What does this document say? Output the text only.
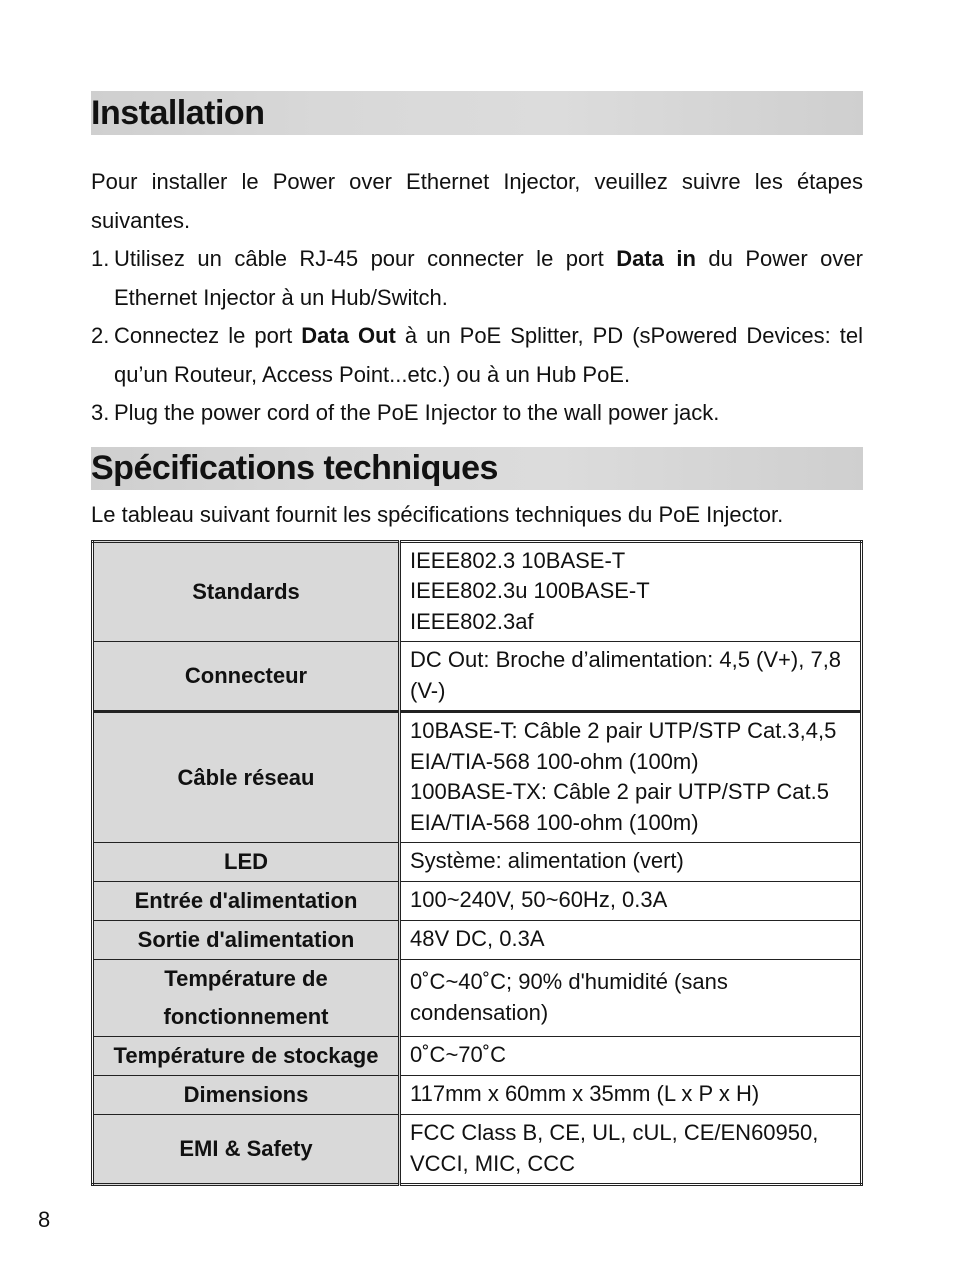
Installation

Pour installer le Power over Ethernet Injector, veuillez suivre les étapes suivantes.

1. Utilisez un câble RJ-45 pour connecter le port Data in du Power over Ethernet Injector à un Hub/Switch.
2. Connectez le port Data Out à un PoE Splitter, PD (sPowered Devices: tel qu’un Routeur, Access Point...etc.) ou à un Hub PoE.
3. Plug the power cord of the PoE Injector to the wall power jack.
Spécifications techniques

Le tableau suivant fournit les spécifications techniques du PoE Injector.

Standards	IEEE802.3 10BASE-T
IEEE802.3u 100BASE-T
IEEE802.3af

Connecteur	DC Out: Broche d’alimentation: 4,5 (V+), 7,8 (V-)

Câble réseau	10BASE-T: Câble 2 pair UTP/STP Cat.3,4,5 EIA/TIA-568 100-ohm (100m)
100BASE-TX: Câble 2 pair UTP/STP Cat.5 EIA/TIA-568 100-ohm (100m)

LED	Système: alimentation (vert)
Entrée d'alimentation	100~240V, 50~60Hz, 0.3A
Sortie d'alimentation	48V DC, 0.3A
Température de fonctionnement	0˚C~40˚C; 90% d'humidité (sans condensation)
Température de stockage	0˚C~70˚C
Dimensions	117mm x 60mm x 35mm (L x P x H)
EMI & Safety	FCC Class B, CE, UL, cUL, CE/EN60950, VCCI, MIC, CCC
8
